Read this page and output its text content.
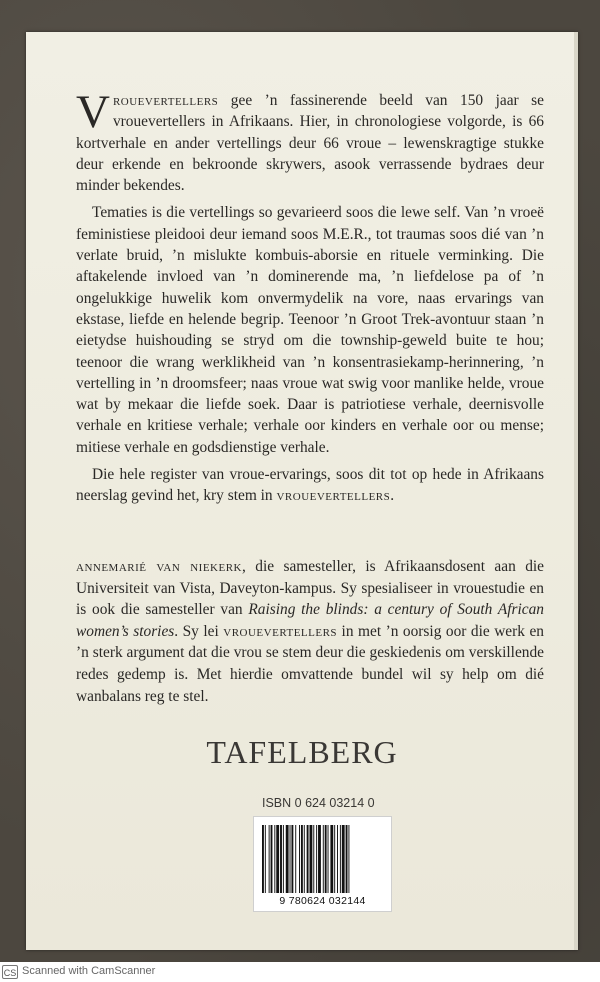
Vrouevertellers gee ’n fassinerende beeld van 150 jaar se vrouevertellers in Afrikaans. Hier, in chronologiese volgorde, is 66 kortverhale en ander vertellings deur 66 vroue – lewenskragtige stukke deur erkende en bekroonde skrywers, asook verrassende bydraes deur minder bekendes.

Tematies is die vertellings so gevarieerd soos die lewe self. Van ’n vroeë feministiese pleidooi deur iemand soos M.E.R., tot traumas soos dié van ’n verlate bruid, ’n mislukte kombuis-aborsie en rituele verminking. Die aftakelende invloed van ’n dominerende ma, ’n liefdelose pa of ’n ongelukkige huwelik kom onvermydelik na vore, naas ervarings van ekstase, liefde en helende begrip. Teenoor ’n Groot Trek-avontuur staan ’n eietydse huishouding se stryd om die township-geweld buite te hou; teenoor die wrang werklikheid van ’n konsentrasiekamp-herinnering, ’n vertelling in ’n droomsfeer; naas vroue wat swig voor manlike helde, vroue wat by mekaar die liefde soek. Daar is patriotiese verhale, deernisvolle verhale en kritiese verhale; verhale oor kinders en verhale oor ou mense; mitiese verhale en godsdienstige verhale.

Die hele register van vroue-ervarings, soos dit tot op hede in Afrikaans neerslag gevind het, kry stem in vrouevertellers.

annemarié van niekerk, die samesteller, is Afrikaansdosent aan die Universiteit van Vista, Daveyton-kampus. Sy spesialiseer in vrouestudie en is ook die samesteller van Raising the blinds: a century of South African women’s stories. Sy lei vrouevertellers in met ’n oorsig oor die werk en ’n sterk argument dat die vrou se stem deur die geskiedenis om verskillende redes gedemp is. Met hierdie omvattende bundel wil sy help om dié wanbalans reg te stel.

TAFELBERG
ISBN 0 624 03214 0
9 780624 032144
CS Scanned with CamScanner
